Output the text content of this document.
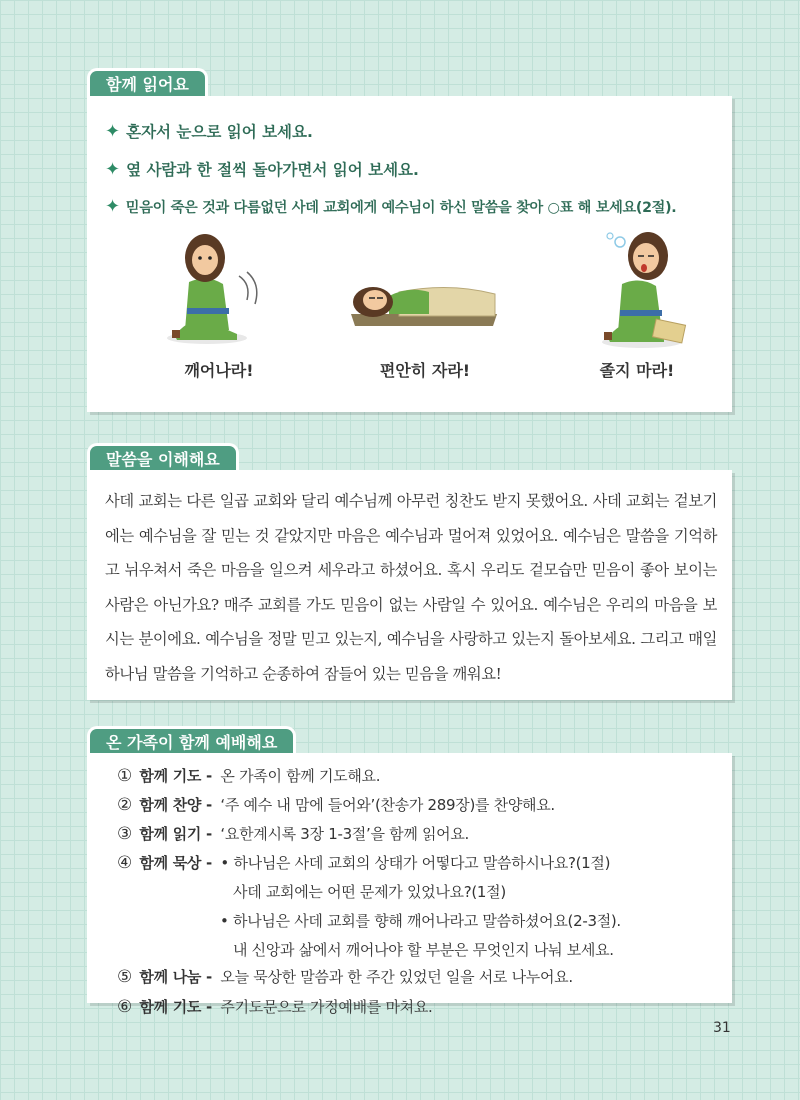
함께 읽어요
✦ 혼자서 눈으로 읽어 보세요.
✦ 옆 사람과 한 절씩 돌아가면서 읽어 보세요.
✦ 믿음이 죽은 것과 다름없던 사데 교회에게 예수님이 하신 말씀을 찾아 ○표 해 보세요(2절).
깨어나라!	편안히 자라!	졸지 마라!
말씀을 이해해요
사데 교회는 다른 일곱 교회와 달리 예수님께 아무런 칭찬도 받지 못했어요. 사데 교회는 겉보기에는 예수님을 잘 믿는 것 같았지만 마음은 예수님과 멀어져 있었어요. 예수님은 말씀을 기억하고 뉘우쳐서 죽은 마음을 일으켜 세우라고 하셨어요. 혹시 우리도 겉모습만 믿음이 좋아 보이는 사람은 아닌가요? 매주 교회를 가도 믿음이 없는 사람일 수 있어요. 예수님은 우리의 마음을 보시는 분이에요. 예수님을 정말 믿고 있는지, 예수님을 사랑하고 있는지 돌아보세요. 그리고 매일 하나님 말씀을 기억하고 순종하여 잠들어 있는 믿음을 깨워요!
온 가족이 함께 예배해요
① 함께 기도 - 온 가족이 함께 기도해요.
② 함께 찬양 - ‘주 예수 내 맘에 들어와’(찬송가 289장)를 찬양해요.
③ 함께 읽기 - ‘요한계시록 3장 1-3절’을 함께 읽어요.
④ 함께 묵상 - • 하나님은 사데 교회의 상태가 어떻다고 말씀하시나요?(1절)
사데 교회에는 어떤 문제가 있었나요?(1절)
• 하나님은 사데 교회를 향해 깨어나라고 말씀하셨어요(2-3절).
내 신앙과 삶에서 깨어나야 할 부분은 무엇인지 나눠 보세요.
⑤ 함께 나눔 - 오늘 묵상한 말씀과 한 주간 있었던 일을 서로 나누어요.
⑥ 함께 기도 - 주기도문으로 가정예배를 마쳐요.
31
